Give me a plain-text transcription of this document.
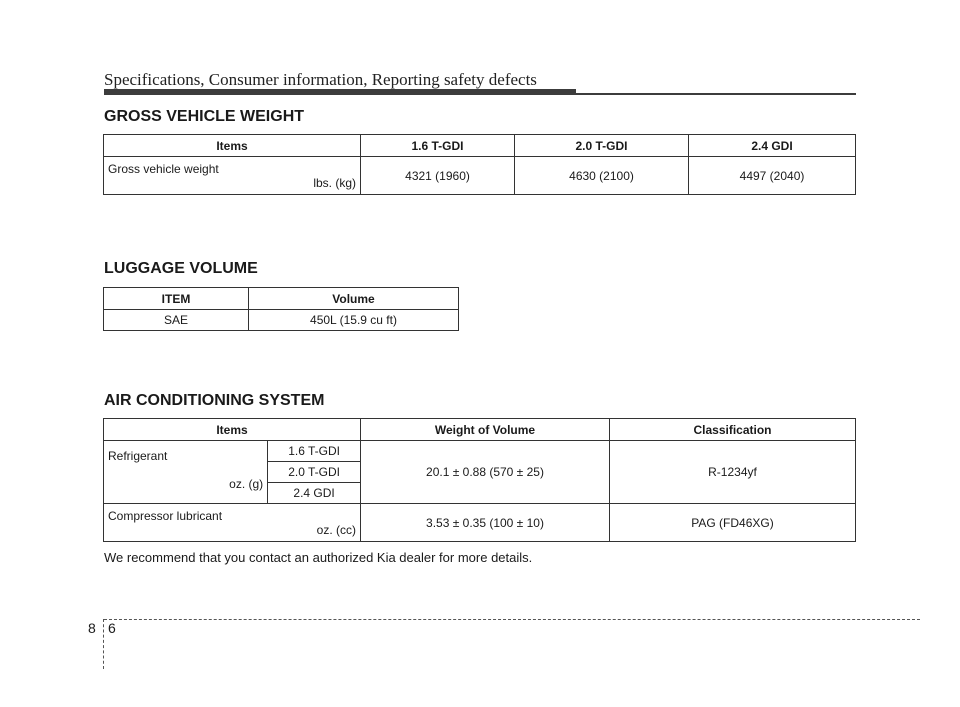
Specifications, Consumer information, Reporting safety defects
GROSS VEHICLE WEIGHT
Items	1.6 T-GDI	2.0 T-GDI	2.4 GDI

Gross vehicle weight
lbs. (kg)	4321 (1960)	4630 (2100)	4497 (2040)
LUGGAGE VOLUME
ITEM	Volume
SAE	450L (15.9 cu ft)
AIR CONDITIONING SYSTEM
Items		Weight of Volume	Classification

Refrigerant
oz. (g)	1.6 T-GDI	20.1 ± 0.88 (570 ± 25)	R-1234yf
	2.0 T-GDI		
	2.4 GDI		

Compressor lubricant
oz. (cc)		3.53 ± 0.35 (100 ± 10)	PAG (FD46XG)
We recommend that you contact an authorized Kia dealer for more details.
8 6
